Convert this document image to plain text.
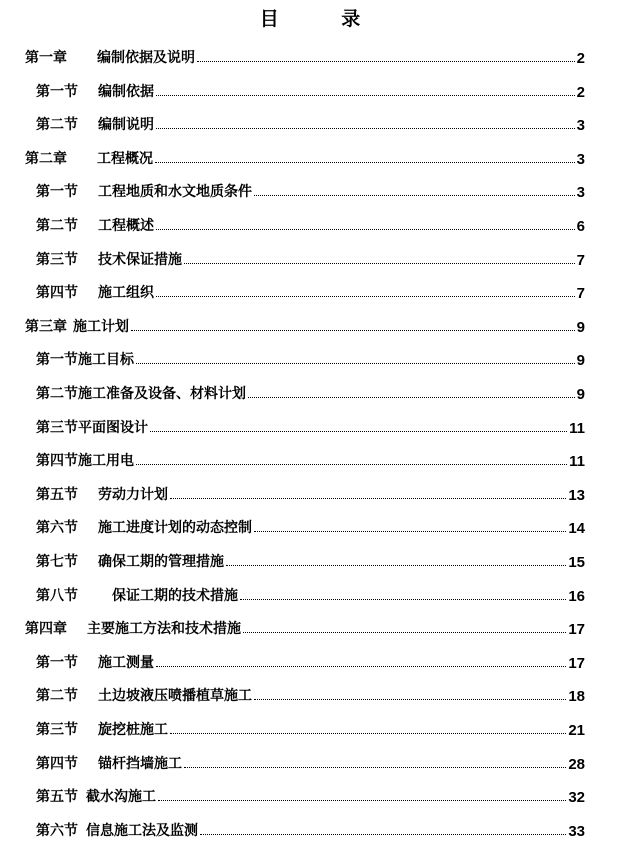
目 录
第一章 编制依据及说明	2
第一节 编制依据	2
第二节 编制说明	3
第二章 工程概况	3
第一节 工程地质和水文地质条件	3
第二节 工程概述	6
第三节 技术保证措施	7
第四节 施工组织	7
第三章 施工计划	9
第一节 施工目标	9
第二节 施工准备及设备、材料计划	9
第三节 平面图设计	11
第四节 施工用电	11
第五节 劳动力计划	13
第六节 施工进度计划的动态控制	14
第七节 确保工期的管理措施	15
第八节 保证工期的技术措施	16
第四章 主要施工方法和技术措施	17
第一节 施工测量	17
第二节 土边坡液压喷播植草施工	18
第三节 旋挖桩施工	21
第四节 锚杆挡墙施工	28
第五节 截水沟施工	32
第六节 信息施工法及监测	33
